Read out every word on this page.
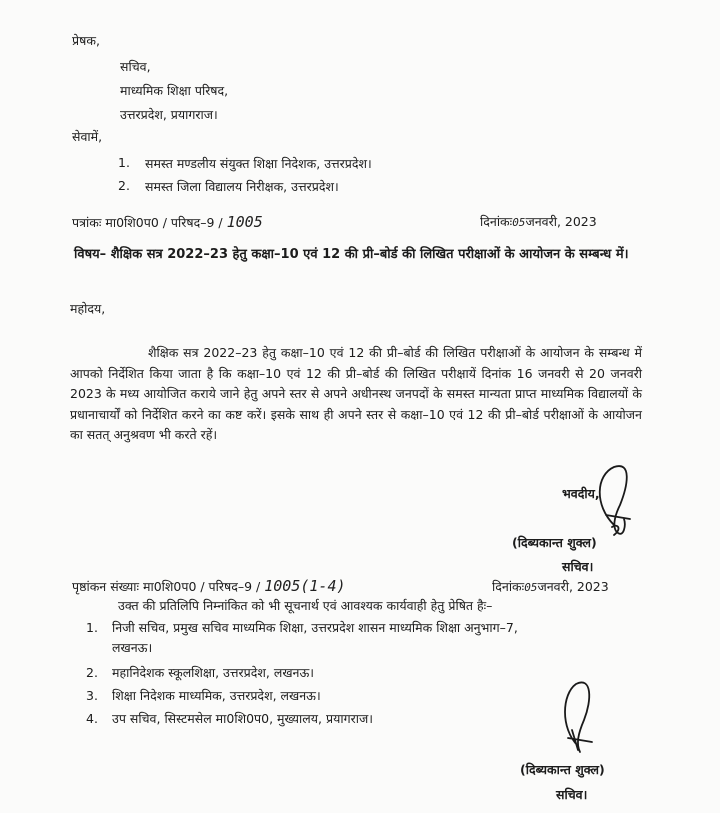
प्रेषक,
सचिव,
माध्यमिक शिक्षा परिषद,
उत्तरप्रदेश, प्रयागराज।
सेवामें,
1. समस्त मण्डलीय संयुक्त शिक्षा निदेशक, उत्तरप्रदेश।
2. समस्त जिला विद्यालय निरीक्षक, उत्तरप्रदेश।
पत्रांकः मा0शि0प0 / परिषद–9 / 1005	दिनांकः05जनवरी, 2023
विषय– शैक्षिक सत्र 2022–23 हेतु कक्षा–10 एवं 12 की प्री–बोर्ड की लिखित परीक्षाओं के आयोजन के सम्बन्ध में।
महोदय,
शैक्षिक सत्र 2022–23 हेतु कक्षा–10 एवं 12 की प्री–बोर्ड की लिखित परीक्षाओं के आयोजन के सम्बन्ध में आपको निर्देशित किया जाता है कि कक्षा–10 एवं 12 की प्री–बोर्ड की लिखित परीक्षायें दिनांक 16 जनवरी से 20 जनवरी 2023 के मध्य आयोजित कराये जाने हेतु अपने स्तर से अपने अधीनस्थ जनपदों के समस्त मान्यता प्राप्त माध्यमिक विद्यालयों के प्रधानाचार्यों को निर्देशित करने का कष्ट करें। इसके साथ ही अपने स्तर से कक्षा–10 एवं 12 की प्री–बोर्ड परीक्षाओं के आयोजन का सतत् अनुश्रवण भी करते रहें।
भवदीय,
(दिब्यकान्त शुक्ल)
सचिव।
पृष्ठांकन संख्याः मा0शि0प0 / परिषद–9 / 1005(1-4)	दिनांकः05जनवरी, 2023
उक्त की प्रतिलिपि निम्नांकित को भी सूचनार्थ एवं आवश्यक कार्यवाही हेतु प्रेषित हैः–
1. निजी सचिव, प्रमुख सचिव माध्यमिक शिक्षा, उत्तरप्रदेश शासन माध्यमिक शिक्षा अनुभाग–7,
लखनऊ।
2. महानिदेशक स्कूलशिक्षा, उत्तरप्रदेश, लखनऊ।
3. शिक्षा निदेशक माध्यमिक, उत्तरप्रदेश, लखनऊ।
4. उप सचिव, सिस्टमसेल मा0शि0प0, मुख्यालय, प्रयागराज।
(दिब्यकान्त शुक्ल)
सचिव।
